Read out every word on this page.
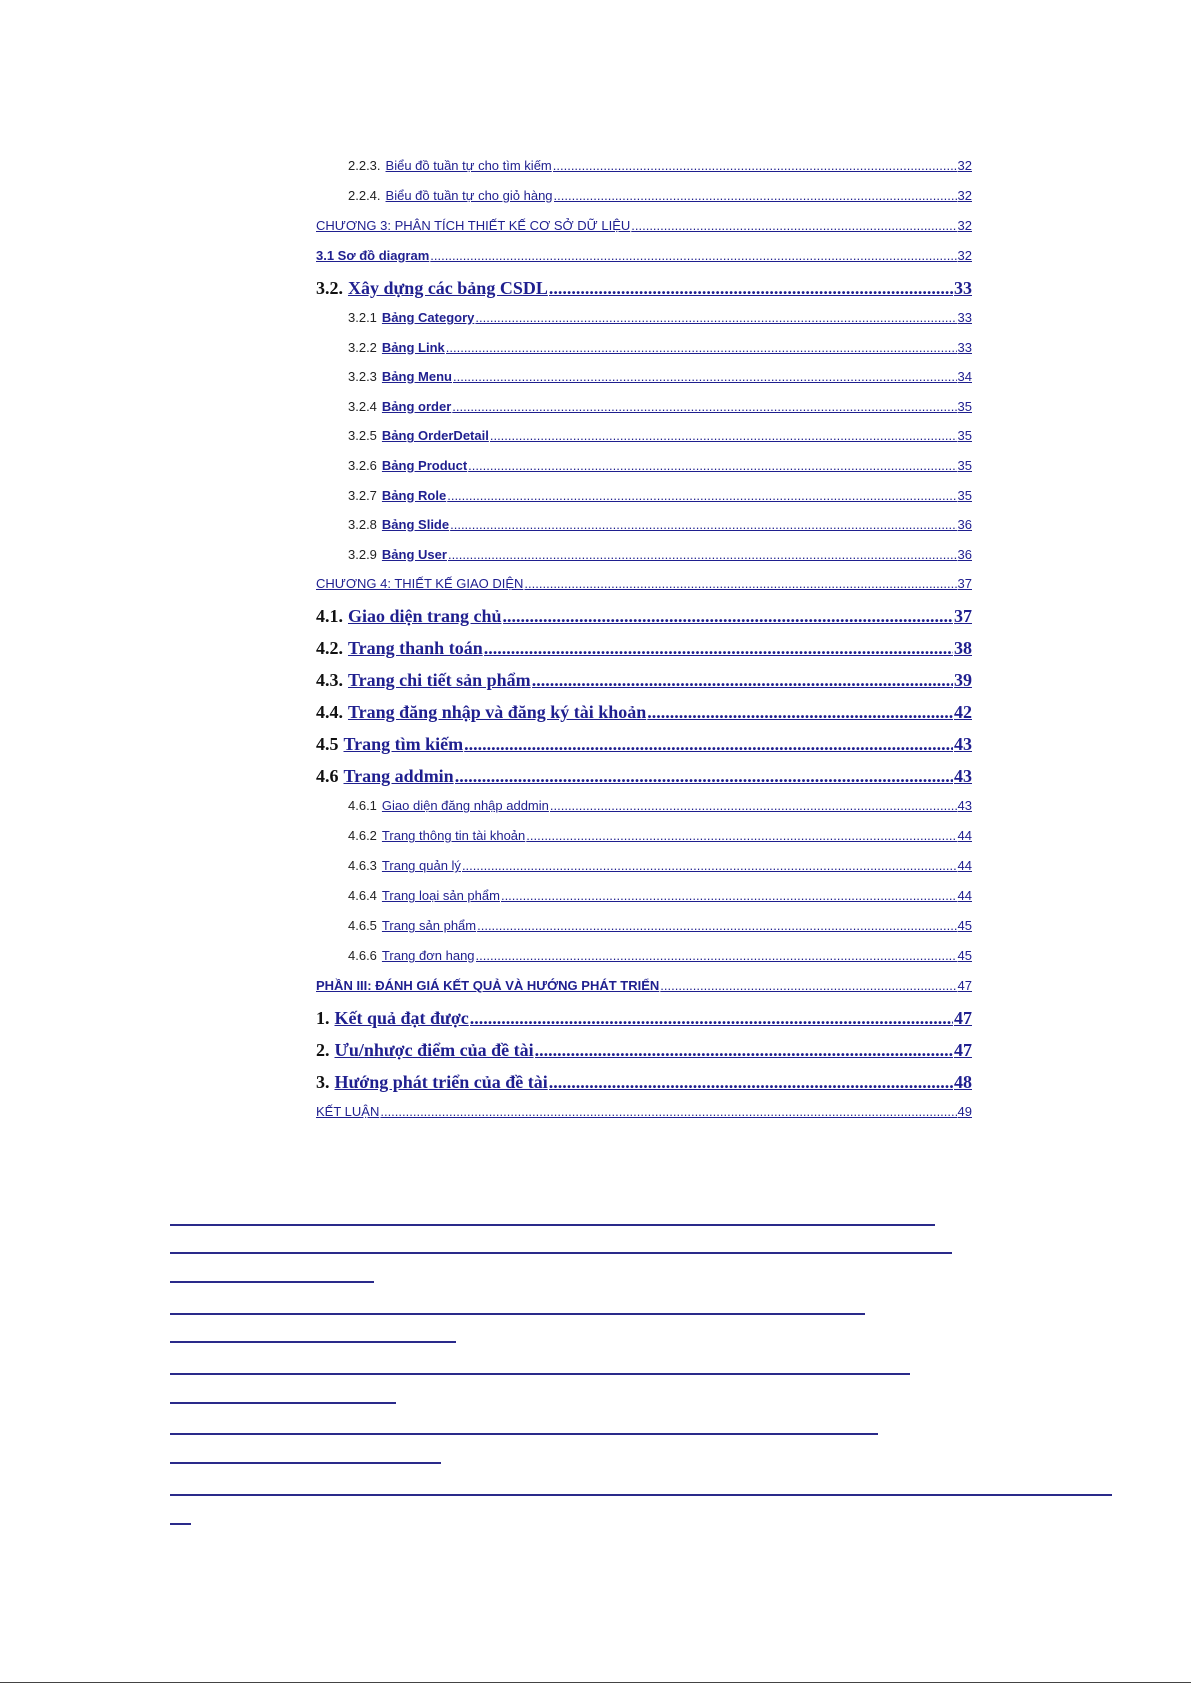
2.2.3. Biểu đồ tuần tự cho tìm kiếm .....	32
2.2.4. Biểu đồ tuần tự cho giỏ hàng .....	32
CHƯƠNG 3: PHÂN TÍCH THIẾT KẾ CƠ SỞ DỮ LIỆU .....	32
3.1 Sơ đồ diagram .....	32
3.2. Xây dựng các bảng CSDL .....	33
3.2.1 Bảng Category .....	33
3.2.2 Bảng Link .....	33
3.2.3 Bảng Menu .....	34
3.2.4 Bảng order .....	35
3.2.5 Bảng OrderDetail .....	35
3.2.6 Bảng Product .....	35
3.2.7 Bảng Role .....	35
3.2.8 Bảng Slide .....	36
3.2.9 Bảng User .....	36
CHƯƠNG 4: THIẾT KẾ GIAO DIỆN .....	37
4.1. Giao diện trang chủ .....	37
4.2. Trang thanh toán .....	38
4.3. Trang chi tiết sản phẩm .....	39
4.4. Trang đăng nhập và đăng ký tài khoản .....	42
4.5 Trang tìm kiếm .....	43
4.6 Trang addmin .....	43
4.6.1 Giao diện đăng nhập addmin .....	43
4.6.2 Trang thông tin tài khoản .....	44
4.6.3 Trang quản lý .....	44
4.6.4 Trang loại sản phẩm .....	44
4.6.5 Trang sản phẩm .....	45
4.6.6 Trang đơn hang .....	45
PHẦN III: ĐÁNH GIÁ KẾT QUẢ VÀ HƯỚNG PHÁT TRIỂN .....	47
1. Kết quả đạt được .....	47
2. Ưu/nhược điểm của đề tài .....	47
3. Hướng phát triển của đề tài .....	48
KẾT LUẬN .....	49
